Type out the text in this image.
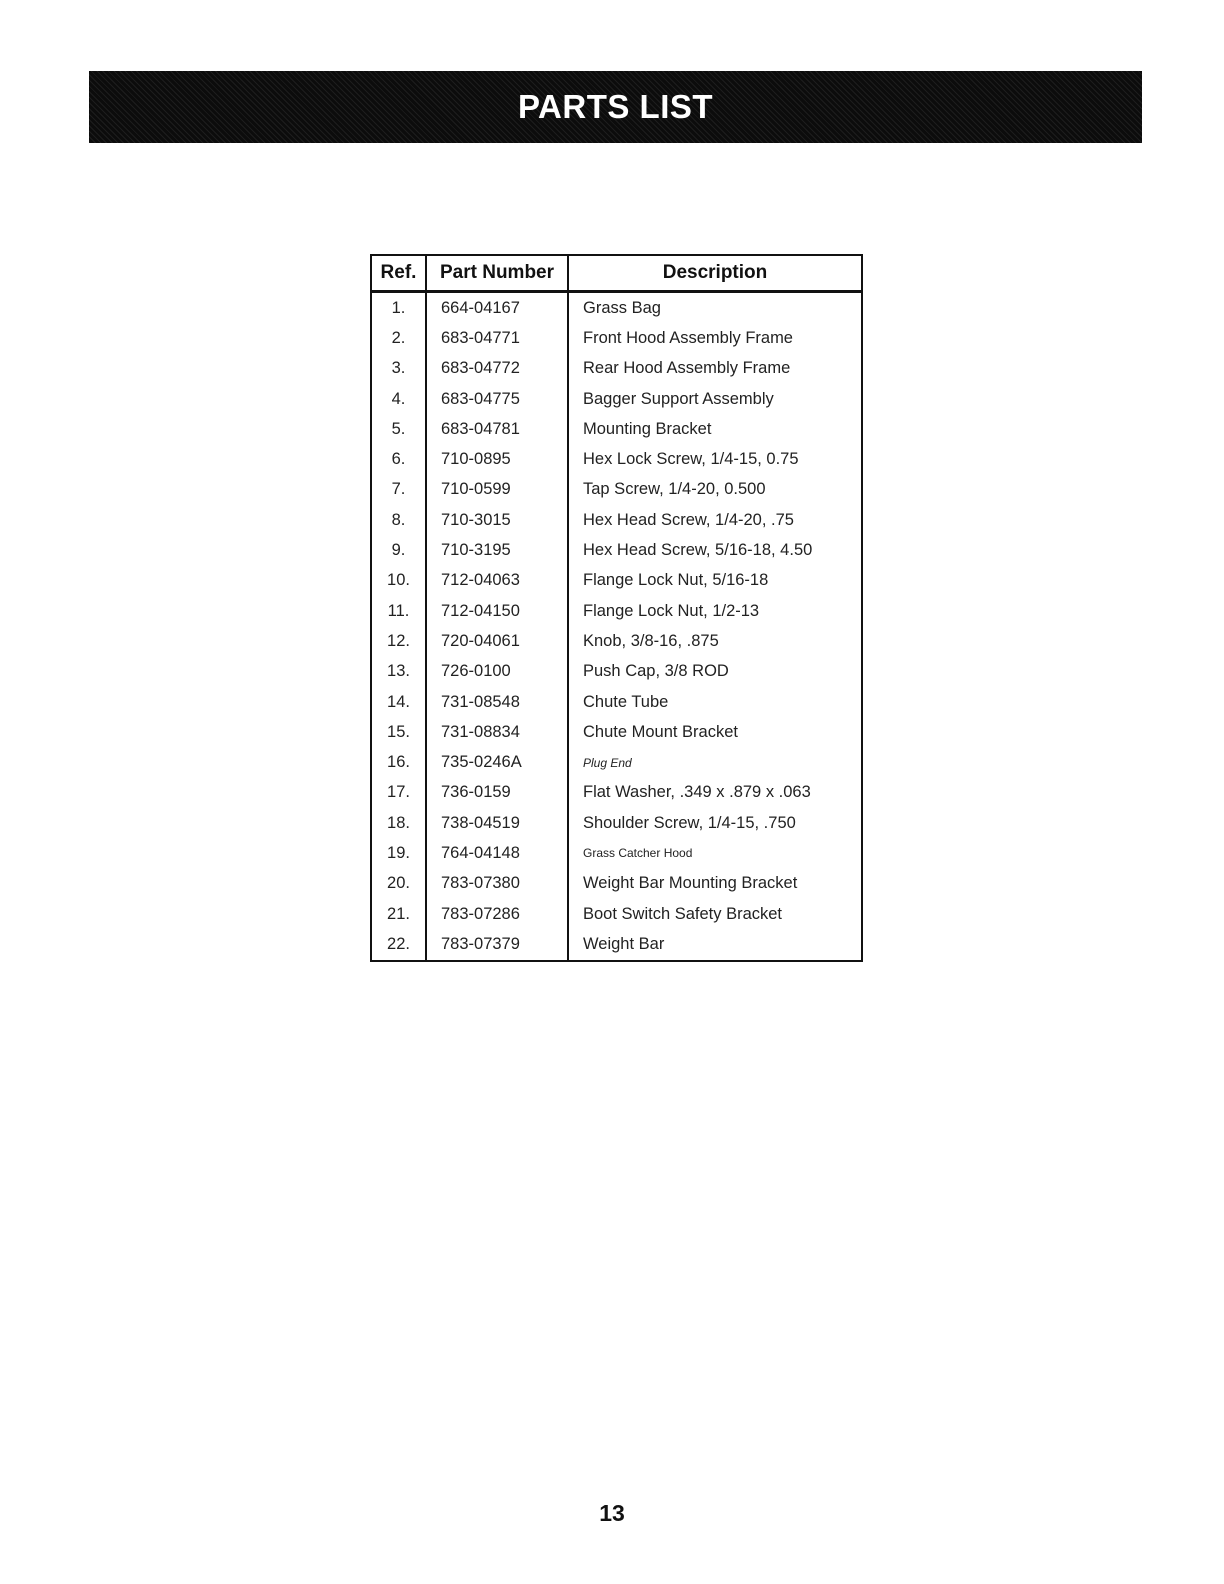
PARTS LIST
Ref.	Part Number	Description
1.	664-04167	Grass Bag
2.	683-04771	Front Hood Assembly Frame
3.	683-04772	Rear Hood Assembly Frame
4.	683-04775	Bagger Support Assembly
5.	683-04781	Mounting Bracket
6.	710-0895	Hex Lock Screw, 1/4-15, 0.75
7.	710-0599	Tap Screw, 1/4-20, 0.500
8.	710-3015	Hex Head Screw, 1/4-20, .75
9.	710-3195	Hex Head Screw, 5/16-18, 4.50
10.	712-04063	Flange Lock Nut, 5/16-18
11.	712-04150	Flange Lock Nut, 1/2-13
12.	720-04061	Knob, 3/8-16, .875
13.	726-0100	Push Cap, 3/8 ROD
14.	731-08548	Chute Tube
15.	731-08834	Chute Mount Bracket
16.	735-0246A	Plug End
17.	736-0159	Flat Washer, .349 x .879 x .063
18.	738-04519	Shoulder Screw, 1/4-15, .750
19.	764-04148	Grass Catcher Hood
20.	783-07380	Weight Bar Mounting Bracket
21.	783-07286	Boot Switch Safety Bracket
22.	783-07379	Weight Bar
13
